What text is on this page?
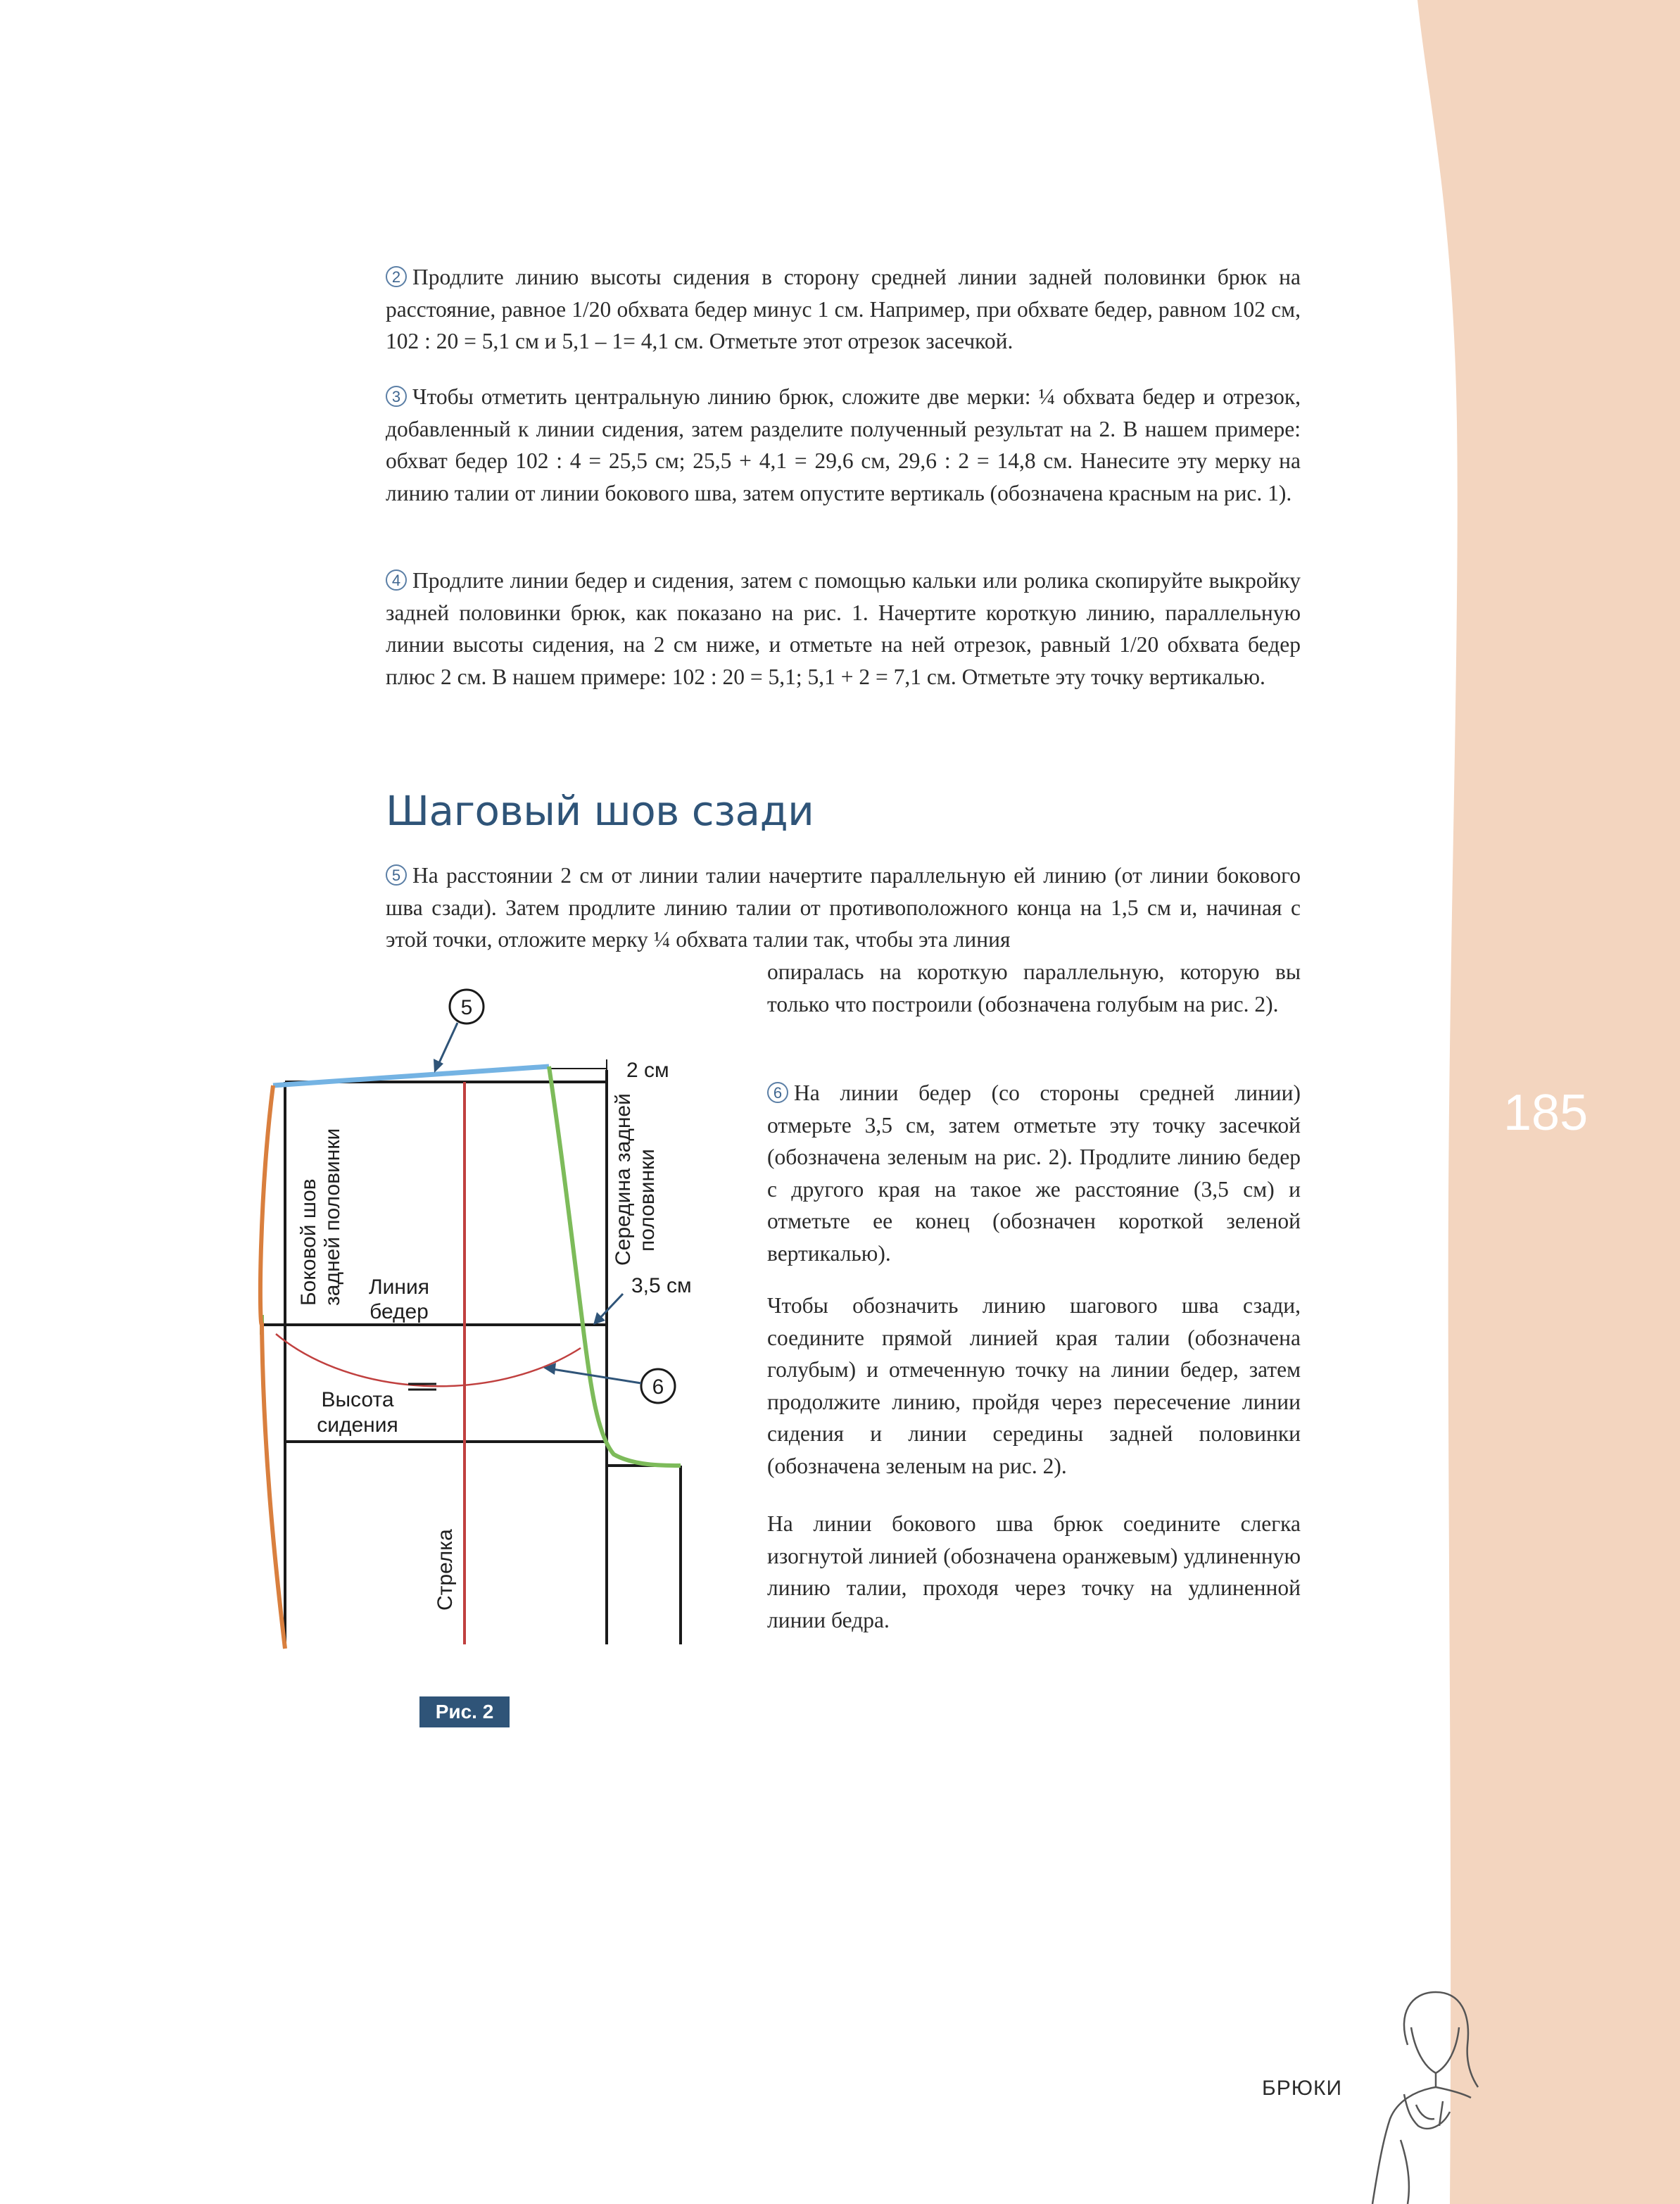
2 Продлите линию высоты сидения в сторону средней линии задней половинки брюк на расстояние, равное 1/20 обхвата бедер минус 1 см. Например, при обхвате бедер, равном 102 см, 102 : 20 = 5,1 см и 5,1 – 1= 4,1 см. Отметьте этот отрезок засечкой.

3 Чтобы отметить центральную линию брюк, сложите две мерки: ¼ обхвата бедер и отрезок, добавленный к линии сидения, затем разделите полученный результат на 2. В нашем примере: обхват бедер 102 : 4 = 25,5 см; 25,5 + 4,1 = 29,6 см, 29,6 : 2 = 14,8 см. Нанесите эту мерку на линию талии от линии бокового шва, затем опустите вертикаль (обозначена красным на рис. 1).

4 Продлите линии бедер и сидения, затем с помощью кальки или ролика скопируйте выкройку задней половинки брюк, как показано на рис. 1. Начертите короткую линию, параллельную линии высоты сидения, на 2 см ниже, и отметьте на ней отрезок, равный 1/20 обхвата бедер плюс 2 см. В нашем примере: 102 : 20 = 5,1; 5,1 + 2 = 7,1 см. Отметьте эту точку вертикалью.

Шаговый шов сзади

5 На расстоянии 2 см от линии талии начертите параллельную ей линию (от линии бокового шва сзади). Затем продлите линию талии от противоположного конца на 1,5 см и, начиная с этой точки, отложите мерку ¼ обхвата талии так, чтобы эта линия

опиралась на короткую параллельную, которую вы только что построили (обозначена голубым на рис. 2).

6 На линии бедер (со стороны средней линии) отмерьте 3,5 см, затем отметьте эту точку засечкой (обозначена зеленым на рис. 2). Продлите линию бедер с другого края на такое же расстояние (3,5 см) и отметьте ее конец (обозначен короткой зеленой вертикалью).

Чтобы обозначить линию шагового шва сзади, соедините прямой линией края талии (обозначена голубым) и отмеченную точку на линии бедер, затем продолжите линию, пройдя через пересечение линии сидения и линии середины задней половинки (обозначена зеленым на рис. 2).

На линии бокового шва брюк соедините слегка изогнутой линией (обозначена оранжевым) удлиненную линию талии, проходя через точку на удлиненной линии бедра.

5
6
2 см
3,5 см
Линия
бедер
Высота
сидения
Боковой шов задней половинки	Середина задней половинки
Стрелка
Рис. 2
185
БРЮКИ
